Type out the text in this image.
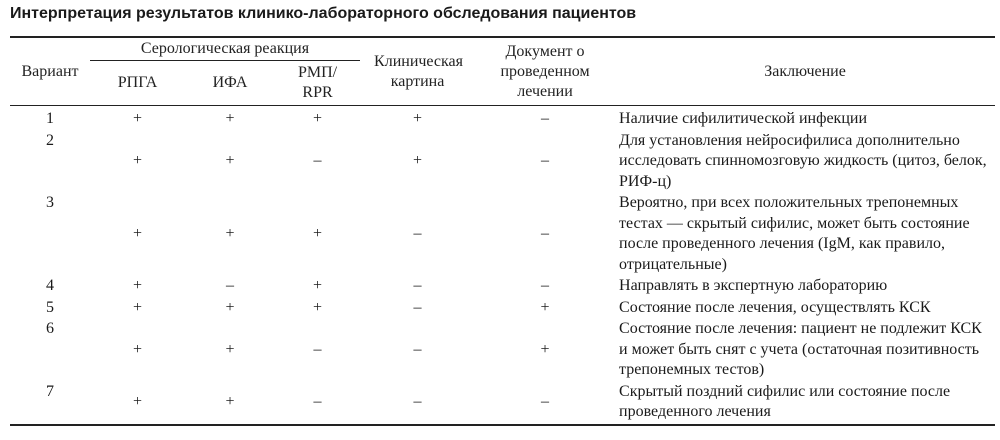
Интерпретация результатов клинико-лабораторного обследования пациентов
Вариант	Серологическая реакция			Клиническая картина	Документ о проведенном лечении	Заключение
	РПГА	ИФА	РМП/ RPR			
1	+	+	+	+	–	Наличие сифилитической инфекции
2	+	+	–	+	–	Для установления нейросифилиса дополнительно исследовать спинномозговую жидкость (цитоз, белок, РИФ-ц)
3	+	+	+	–	–	Вероятно, при всех положительных трепонемных тестах — скрытый сифилис, может быть состояние после проведенного лечения (IgM, как правило, отрицательные)
4	+	–	+	–	–	Направлять в экспертную лабораторию
5	+	+	+	–	+	Состояние после лечения, осуществлять КСК
6	+	+	–	–	+	Состояние после лечения: пациент не подлежит КСК и может быть снят с учета (остаточная позитивность трепонемных тестов)
7	+	+	–	–	–	Скрытый поздний сифилис или состояние после проведенного лечения
